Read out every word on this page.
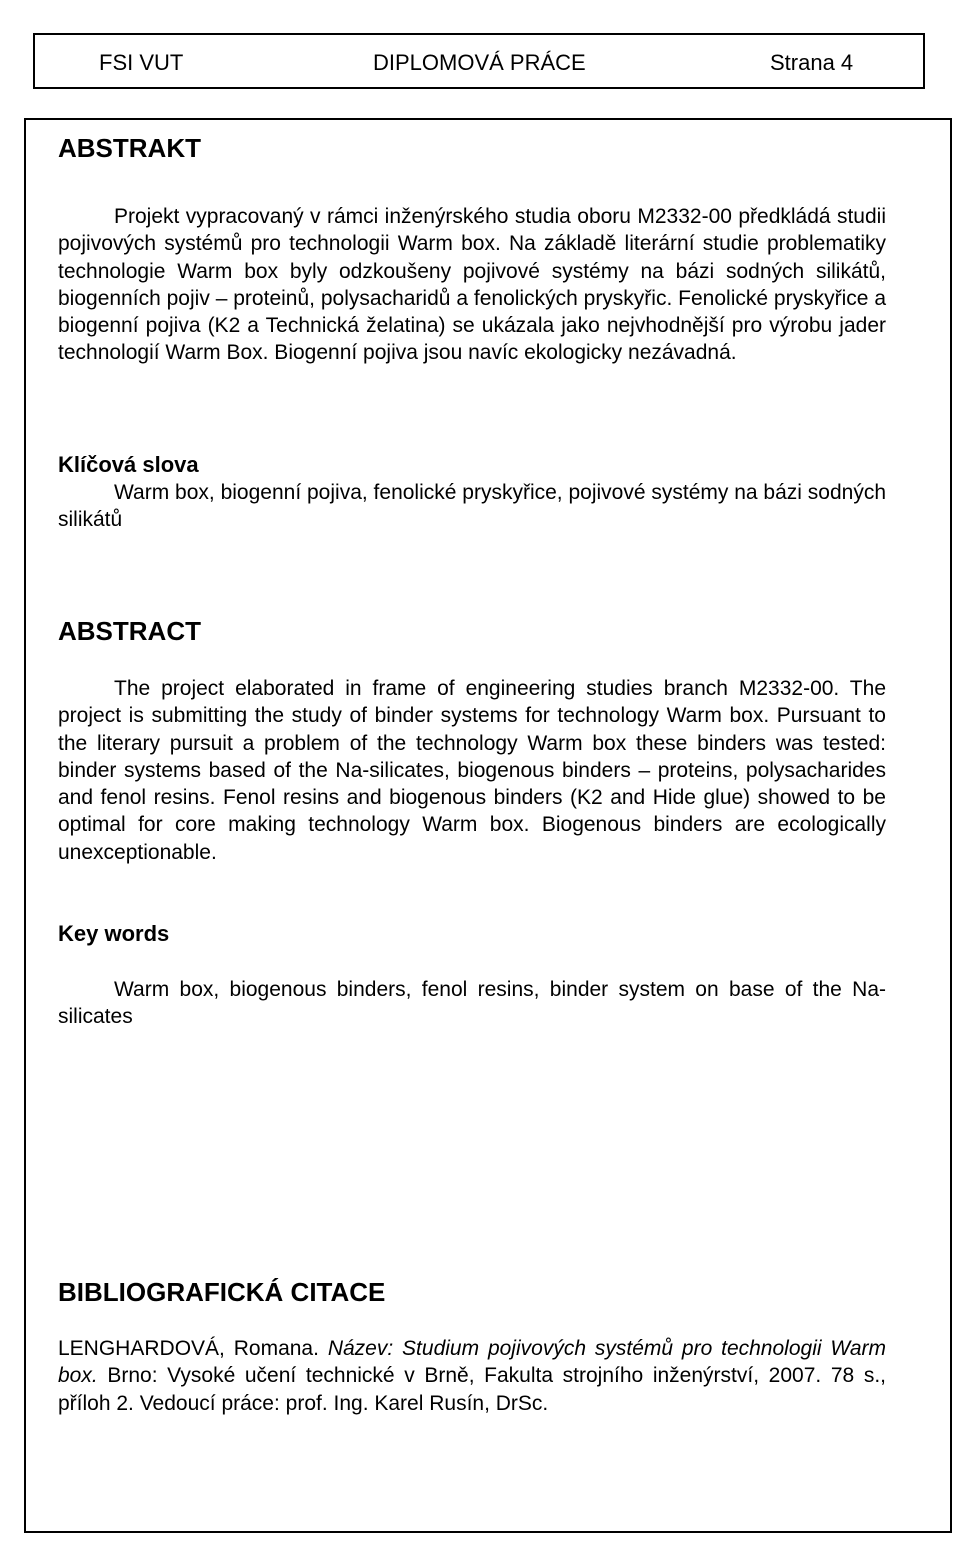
FSI VUT	DIPLOMOVÁ PRÁCE	Strana 4
ABSTRAKT

Projekt vypracovaný v rámci inženýrského studia oboru M2332-00 předkládá studii pojivových systémů pro technologii Warm box. Na základě literární studie problematiky technologie Warm box byly odzkoušeny pojivové systémy na bázi sodných silikátů, biogenních pojiv – proteinů, polysacharidů a fenolických pryskyřic. Fenolické pryskyřice a biogenní pojiva (K2 a Technická želatina) se ukázala jako nejvhodnější pro výrobu jader technologií Warm Box. Biogenní pojiva jsou navíc ekologicky nezávadná.

Klíčová slova

Warm box, biogenní pojiva, fenolické pryskyřice, pojivové systémy na bázi sodných silikátů

ABSTRACT

The project elaborated in frame of engineering studies branch M2332-00. The project is submitting the study of binder systems for technology Warm box. Pursuant to the literary pursuit a problem of the technology Warm box these binders was tested: binder systems based of the Na-silicates, biogenous binders – proteins, polysacharides and fenol resins. Fenol resins and biogenous binders (K2 and Hide glue) showed to be optimal for core making technology Warm box. Biogenous binders are ecologically unexceptionable.

Key words

Warm box, biogenous binders, fenol resins, binder system on base of the Na-silicates

BIBLIOGRAFICKÁ CITACE

LENGHARDOVÁ, Romana. Název: Studium pojivových systémů pro technologii Warm box. Brno: Vysoké učení technické v Brně, Fakulta strojního inženýrství, 2007. 78 s., příloh 2. Vedoucí práce: prof. Ing. Karel Rusín, DrSc.
